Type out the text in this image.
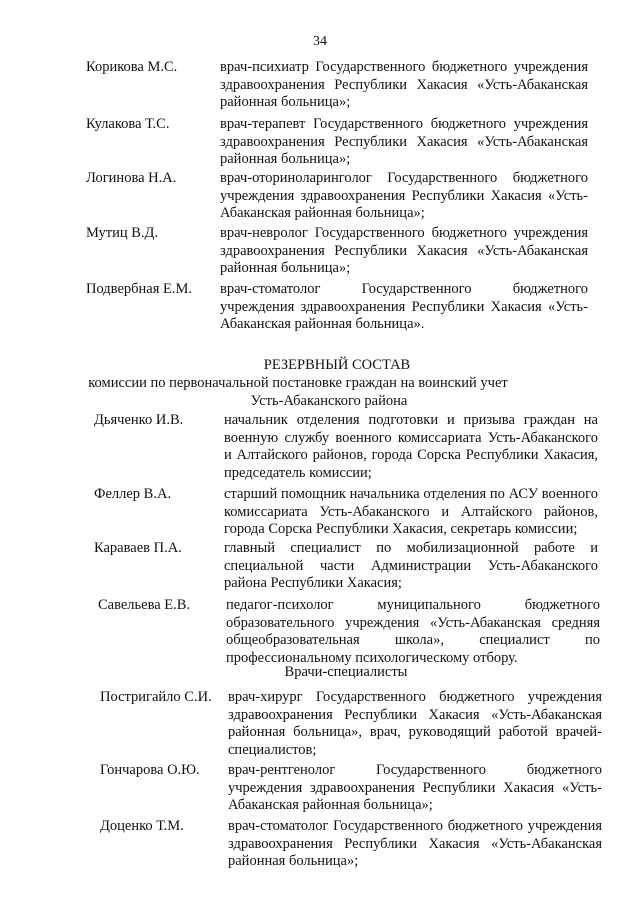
34
Корикова М.С.	врач-психиатр Государственного бюджетного учреждения здравоохранения Республики Хакасия «Усть-Абаканская районная больница»;
Кулакова Т.С.	врач-терапевт Государственного бюджетного учреждения здравоохранения Республики Хакасия «Усть-Абаканская районная больница»;
Логинова Н.А.	врач-оториноларинголог Государственного бюджетного учреждения здравоохранения Республики Хакасия «Усть-Абаканская районная больница»;
Мутиц В.Д.	врач-невролог Государственного бюджетного учреждения здравоохранения Республики Хакасия «Усть-Абаканская районная больница»;
Подвербная Е.М. врач-стоматолог Государственного бюджетного учреждения здравоохранения Республики Хакасия «Усть-Абаканская районная больница».
РЕЗЕРВНЫЙ СОСТАВ
комиссии по первоначальной постановке граждан на воинский учет
Усть-Абаканского района
Дьяченко И.В.	начальник отделения подготовки и призыва граждан на военную службу военного комиссариата Усть-Абаканского и Алтайского районов, города Сорска Республики Хакасия, председатель комиссии;
Феллер В.А.	старший помощник начальника отделения по АСУ военного комиссариата Усть-Абаканского и Алтайского районов, города Сорска Республики Хакасия, секретарь комиссии;
Караваев П.А.	главный специалист по мобилизационной работе и специальной части Администрации Усть-Абаканского района Республики Хакасия;
Савельева Е.В. педагог-психолог муниципального бюджетного образовательного учреждения «Усть-Абаканская средняя общеобразовательная школа», специалист по профессиональному психологическому отбору.
Врачи-специалисты
Постригайло С.И. врач-хирург Государственного бюджетного учреждения здравоохранения Республики Хакасия «Усть-Абаканская районная больница», врач, руководящий работой врачей-специалистов;
Гончарова О.Ю. врач-рентгенолог Государственного бюджетного учреждения здравоохранения Республики Хакасия «Усть-Абаканская районная больница»;
Доценко Т.М.	врач-стоматолог Государственного бюджетного учреждения здравоохранения Республики Хакасия «Усть-Абаканская районная больница»;
